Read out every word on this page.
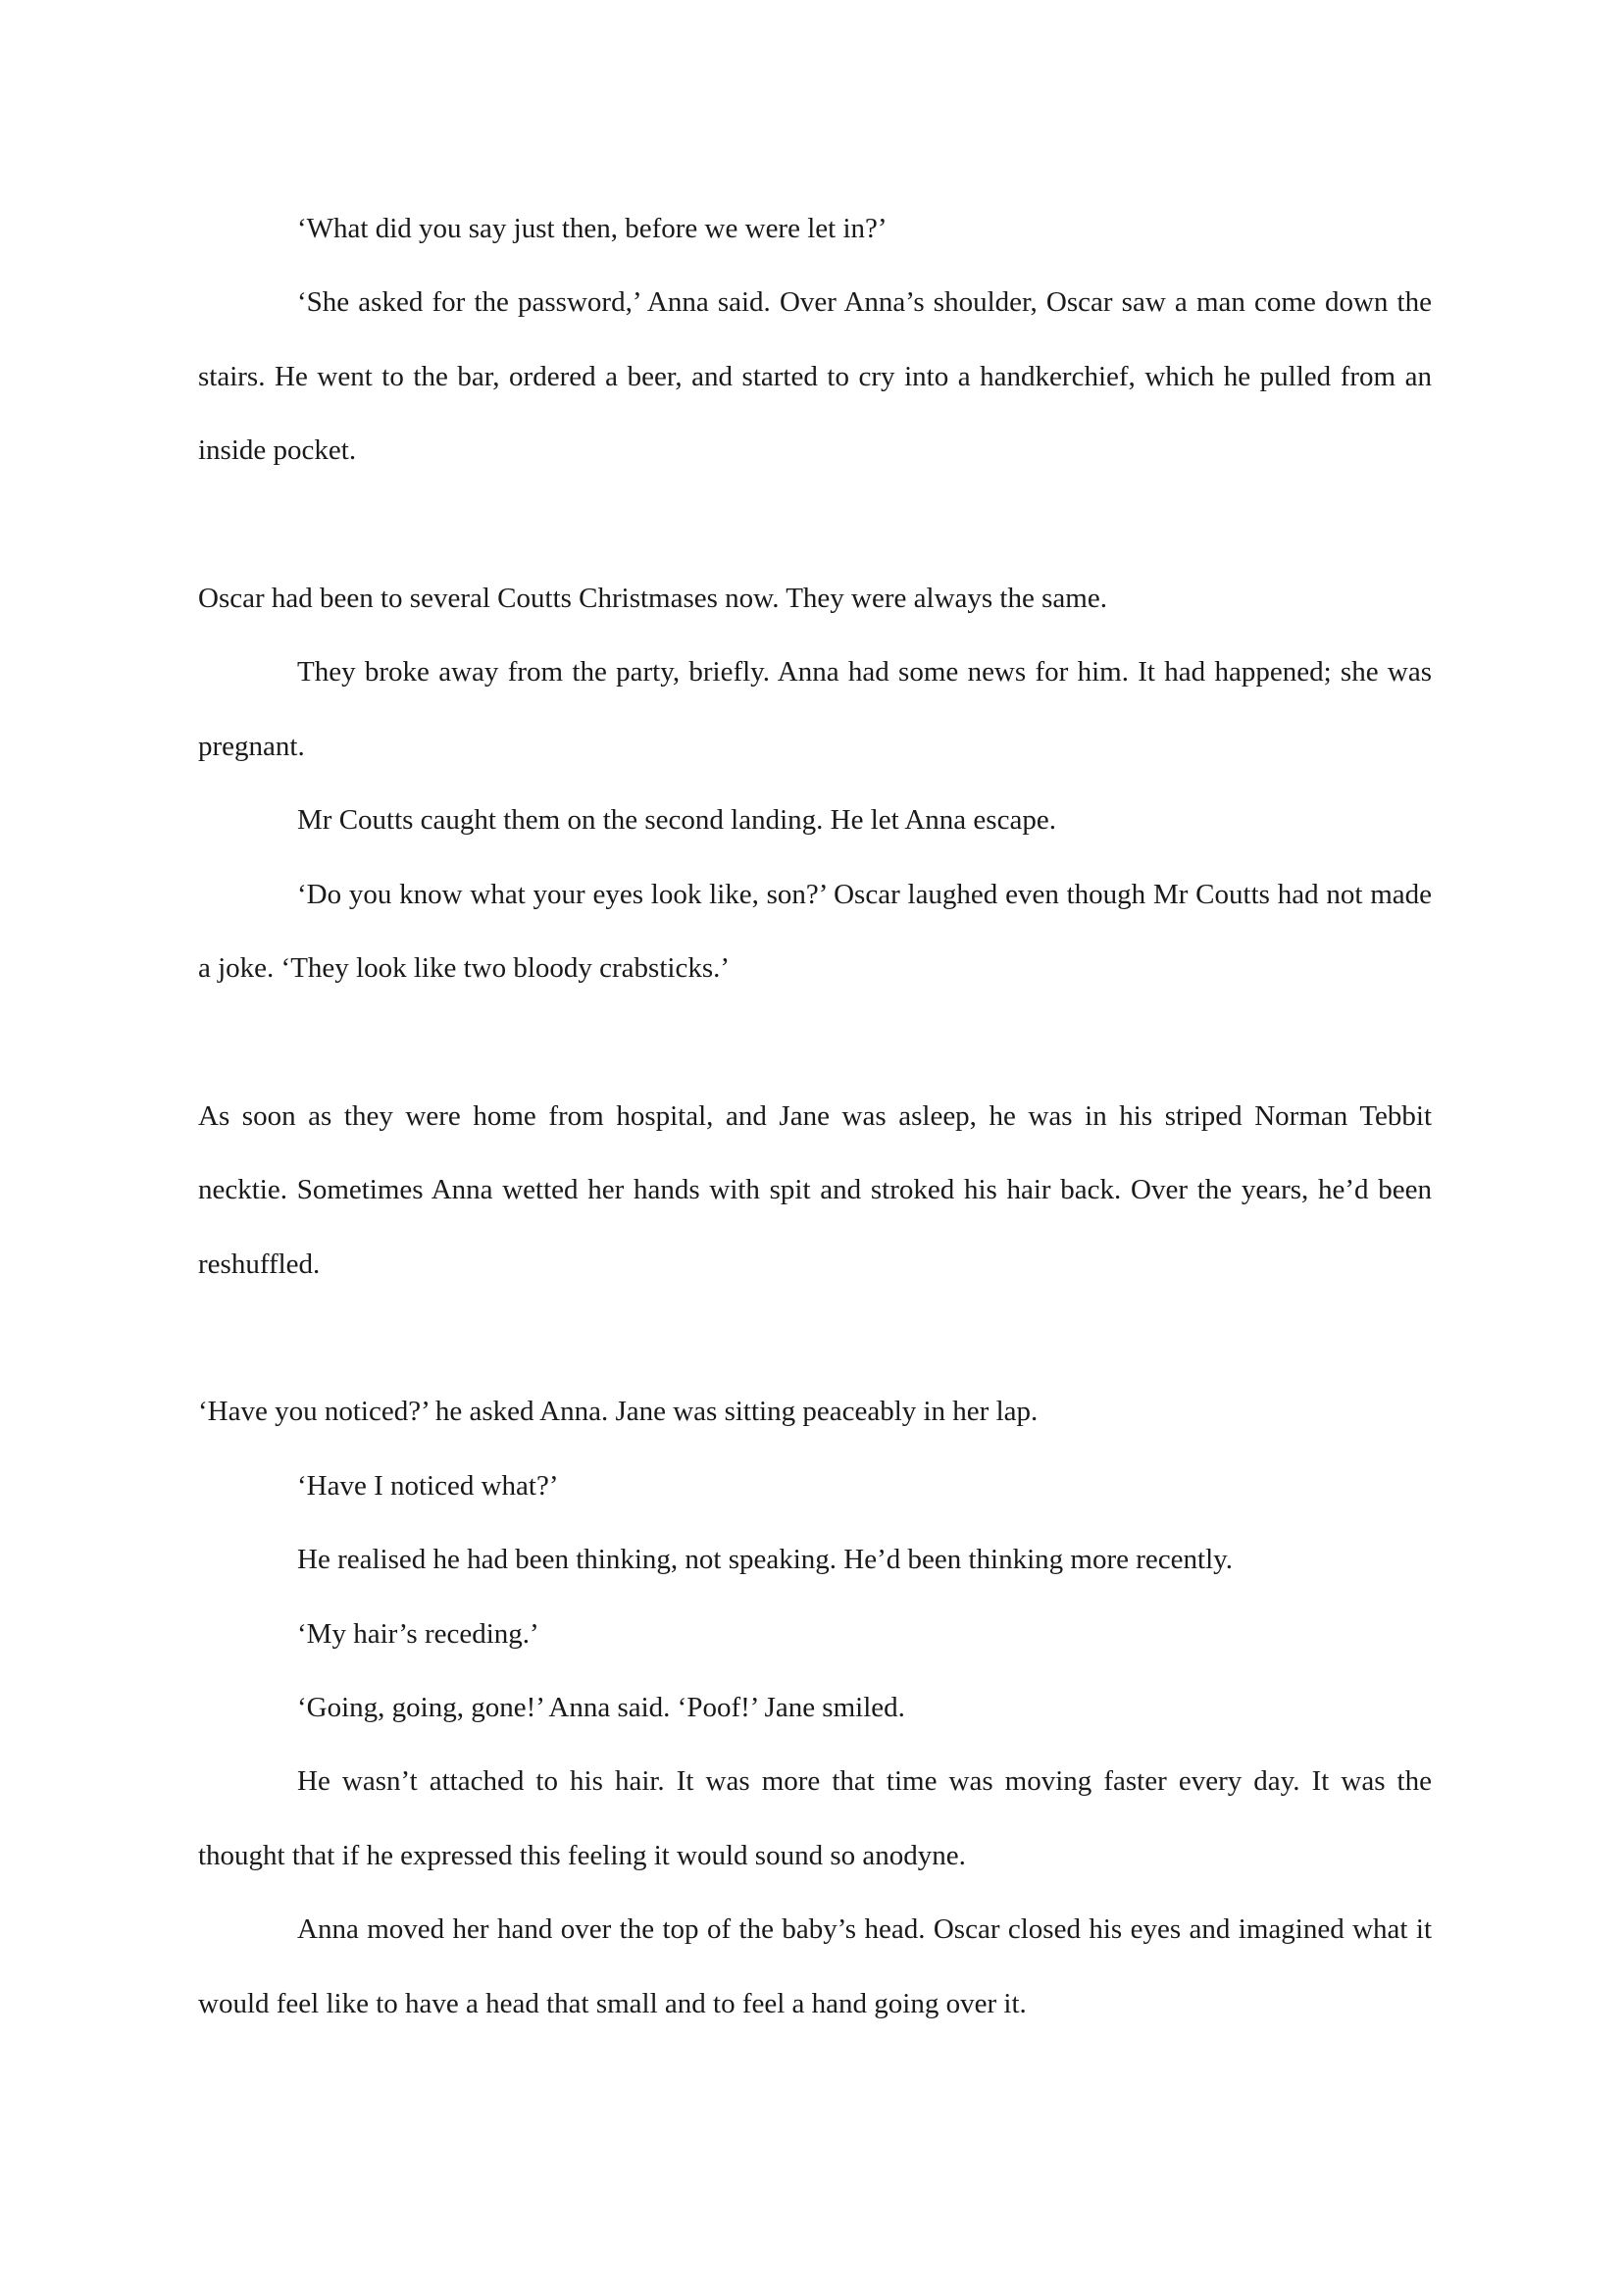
‘What did you say just then, before we were let in?’

‘She asked for the password,’ Anna said. Over Anna’s shoulder, Oscar saw a man come down the stairs. He went to the bar, ordered a beer, and started to cry into a handkerchief, which he pulled from an inside pocket.

Oscar had been to several Coutts Christmases now. They were always the same.

They broke away from the party, briefly. Anna had some news for him. It had happened; she was pregnant.

Mr Coutts caught them on the second landing. He let Anna escape.

‘Do you know what your eyes look like, son?’ Oscar laughed even though Mr Coutts had not made a joke. ‘They look like two bloody crabsticks.’

As soon as they were home from hospital, and Jane was asleep, he was in his striped Norman Tebbit necktie. Sometimes Anna wetted her hands with spit and stroked his hair back. Over the years, he’d been reshuffled.

‘Have you noticed?’ he asked Anna. Jane was sitting peaceably in her lap.

‘Have I noticed what?’

He realised he had been thinking, not speaking. He’d been thinking more recently.

‘My hair’s receding.’

‘Going, going, gone!’ Anna said. ‘Poof!’ Jane smiled.

He wasn’t attached to his hair. It was more that time was moving faster every day. It was the thought that if he expressed this feeling it would sound so anodyne.

Anna moved her hand over the top of the baby’s head. Oscar closed his eyes and imagined what it would feel like to have a head that small and to feel a hand going over it.
